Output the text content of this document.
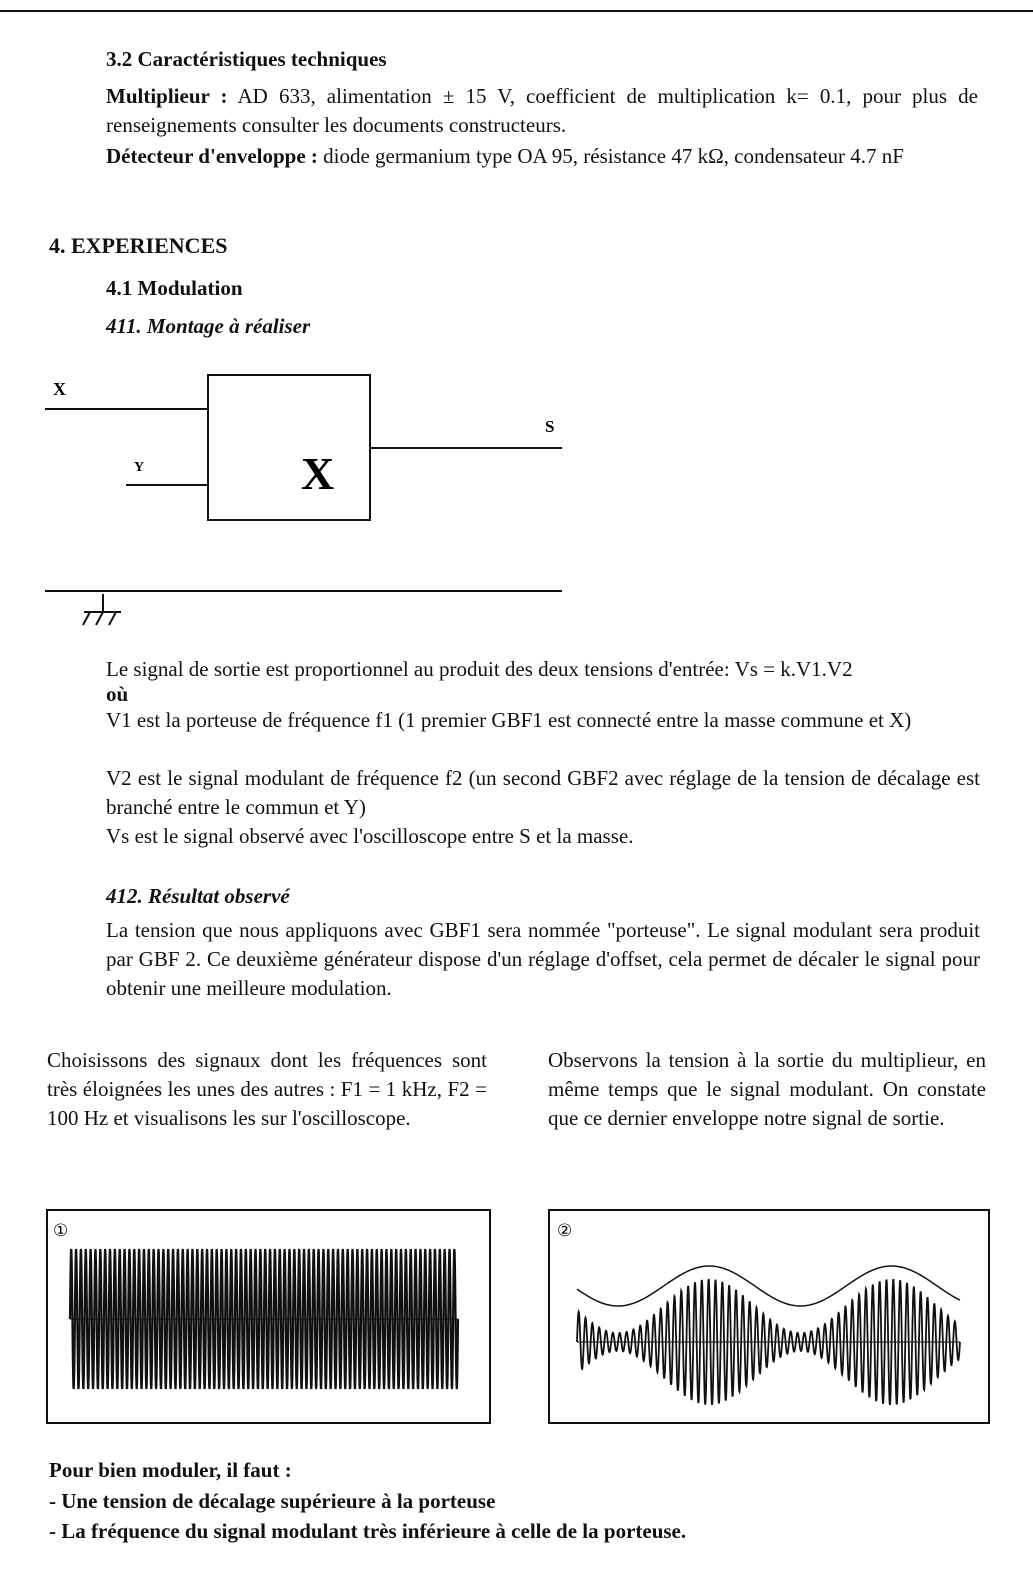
3.2 Caractéristiques techniques
Multiplieur : AD 633, alimentation ± 15 V, coefficient de multiplication k= 0.1, pour plus de renseignements consulter les documents constructeurs.
Détecteur d'enveloppe : diode germanium type OA 95, résistance 47 kΩ, condensateur 4.7 nF
4. EXPERIENCES
4.1 Modulation
411. Montage à réaliser
X
Y
S
X
Le signal de sortie est proportionnel au produit des deux tensions d'entrée: Vs = k.V1.V2
où
V1 est la porteuse de fréquence f1 (1 premier GBF1 est connecté entre la masse commune et X)
V2 est le signal modulant de fréquence f2 (un second GBF2 avec réglage de la tension de décalage est branché entre le commun et Y)
Vs est le signal observé avec l'oscilloscope entre S et la masse.
412. Résultat observé
La tension que nous appliquons avec GBF1 sera nommée "porteuse". Le signal modulant sera produit par GBF 2. Ce deuxième générateur dispose d'un réglage d'offset, cela permet de décaler le signal pour obtenir une meilleure modulation.
Choisissons des signaux dont les fréquences sont très éloignées les unes des autres : F1 = 1 kHz, F2 = 100 Hz et visualisons les sur l'oscilloscope.
Observons la tension à la sortie du multiplieur, en même temps que le signal modulant. On constate que ce dernier enveloppe notre signal de sortie.
①	②
Pour bien moduler, il faut :
- Une tension de décalage supérieure à la porteuse
- La fréquence du signal modulant très inférieure à celle de la porteuse.
